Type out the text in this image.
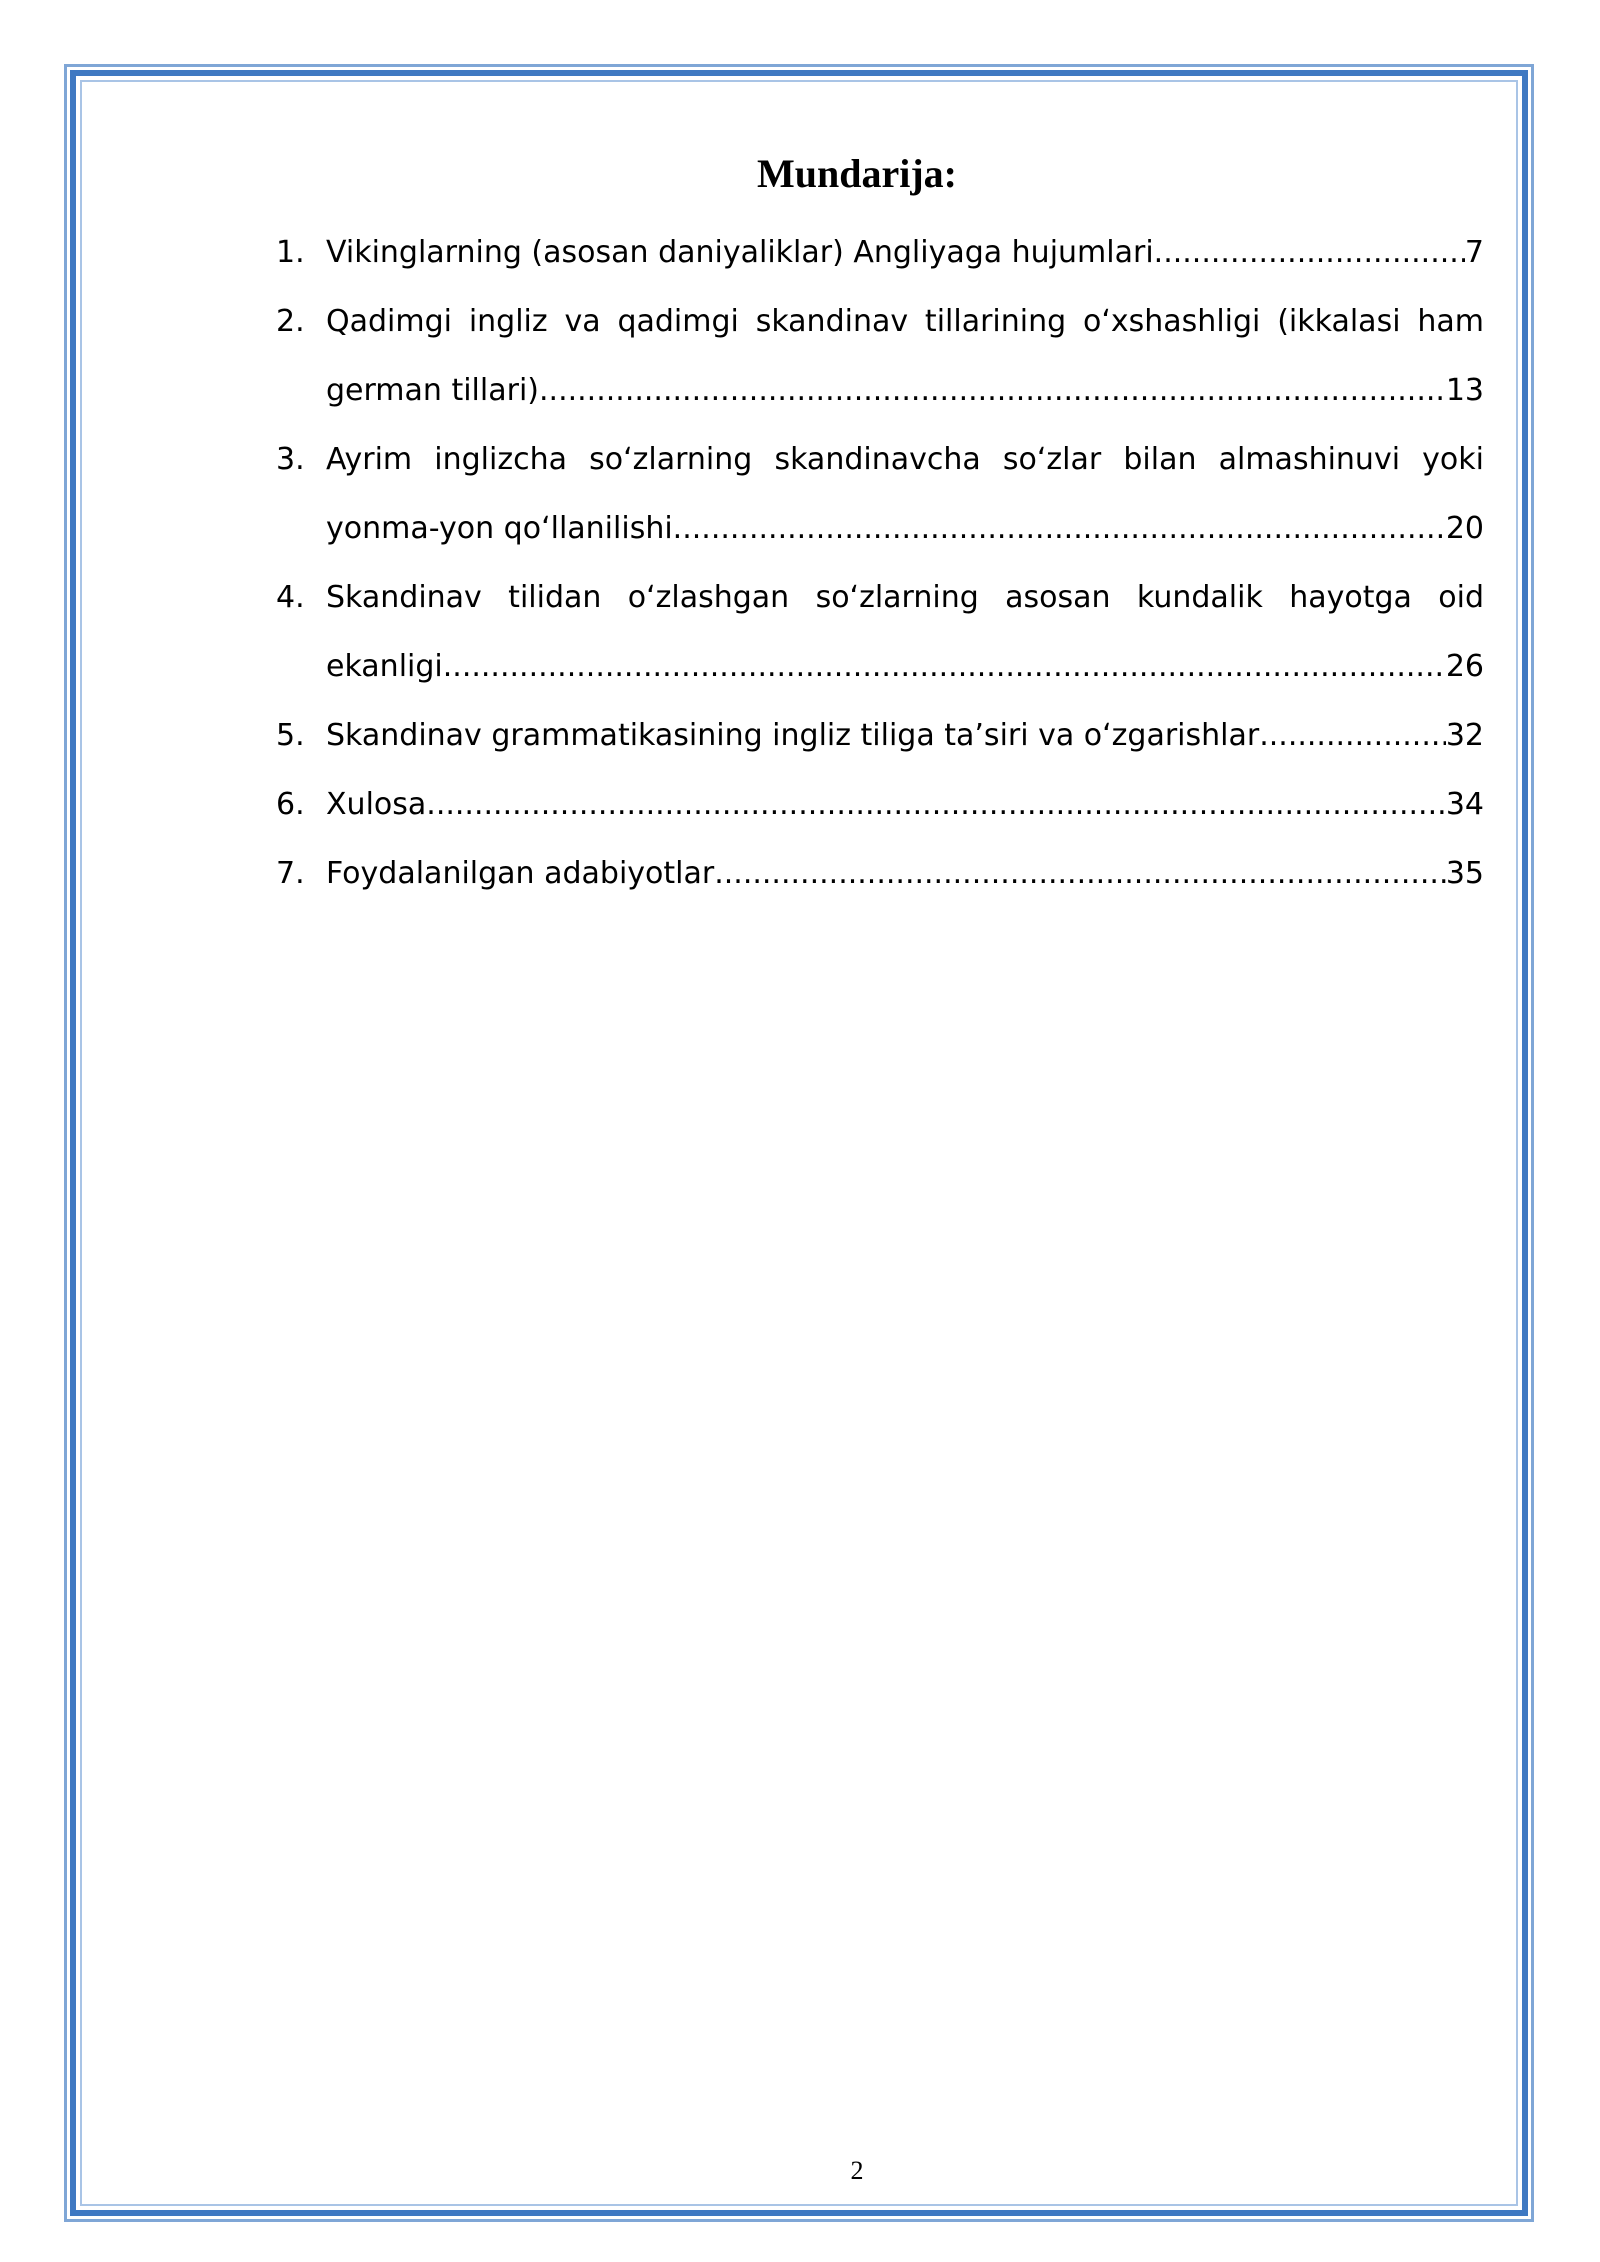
Mundarija:
1. Vikinglarning (asosan daniyaliklar) Angliyaga hujumlari .....	7
2. Qadimgi ingliz va qadimgi skandinav tillarining o‘xshashligi (ikkalasi ham
german tillari) .....	13
3. Ayrim inglizcha so‘zlarning skandinavcha so‘zlar bilan almashinuvi yoki
yonma-yon qo‘llanilishi .....	20
4. Skandinav tilidan o‘zlashgan so‘zlarning asosan kundalik hayotga oid
ekanligi .....	26
5. Skandinav grammatikasining ingliz tiliga ta’siri va o‘zgarishlar .....	32
6. Xulosa .....	34
7. Foydalanilgan adabiyotlar .....	35
2
